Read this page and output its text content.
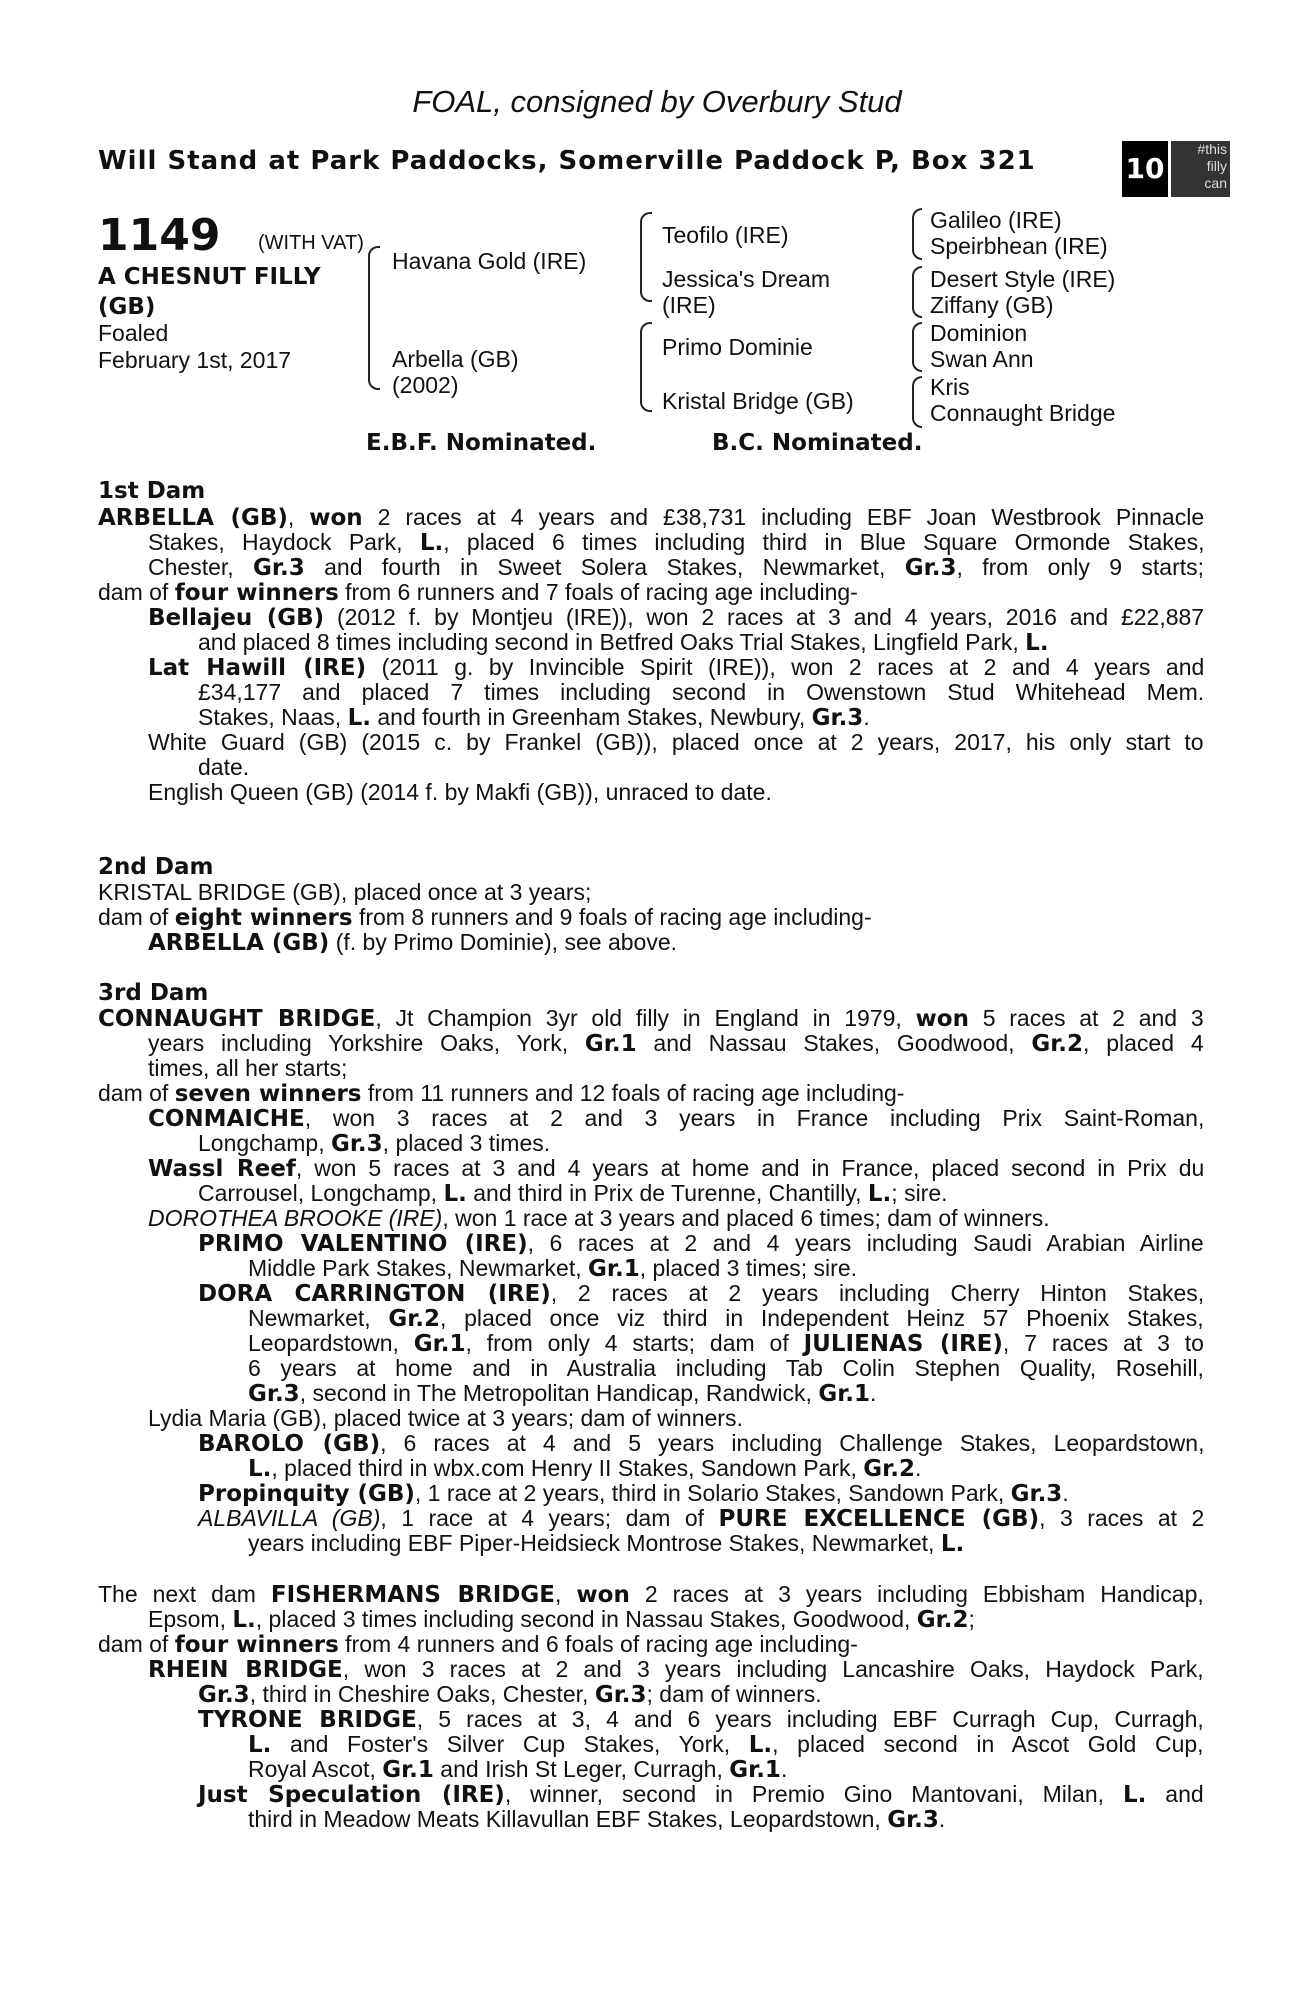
FOAL, consigned by Overbury Stud
Will Stand at Park Paddocks, Somerville Paddock P, Box 321	10
#this
filly
can
1149 (WITH VAT)
A CHESNUT FILLY (GB)
Foaled
February 1st, 2017
Havana Gold (IRE)
Arbella (GB)
(2002)
Teofilo (IRE)
Jessica's Dream
(IRE)
Primo Dominie
Kristal Bridge (GB)
Galileo (IRE)
Speirbhean (IRE)
Desert Style (IRE)
Ziffany (GB)
Dominion
Swan Ann
Kris
Connaught Bridge
E.B.F. Nominated.	B.C. Nominated.
1st Dam
2nd Dam
3rd Dam
ARBELLA (GB), won 2 races at 4 years and £38,731 including EBF Joan Westbrook Pinnacle
Stakes, Haydock Park, L., placed 6 times including third in Blue Square Ormonde Stakes,
Chester, Gr.3 and fourth in Sweet Solera Stakes, Newmarket, Gr.3, from only 9 starts;
dam of four winners from 6 runners and 7 foals of racing age including-
Bellajeu (GB) (2012 f. by Montjeu (IRE)), won 2 races at 3 and 4 years, 2016 and £22,887
and placed 8 times including second in Betfred Oaks Trial Stakes, Lingfield Park, L.
Lat Hawill (IRE) (2011 g. by Invincible Spirit (IRE)), won 2 races at 2 and 4 years and
£34,177 and placed 7 times including second in Owenstown Stud Whitehead Mem.
Stakes, Naas, L. and fourth in Greenham Stakes, Newbury, Gr.3.
White Guard (GB) (2015 c. by Frankel (GB)), placed once at 2 years, 2017, his only start to
date.
English Queen (GB) (2014 f. by Makfi (GB)), unraced to date.
KRISTAL BRIDGE (GB), placed once at 3 years;
dam of eight winners from 8 runners and 9 foals of racing age including-
ARBELLA (GB) (f. by Primo Dominie), see above.
CONNAUGHT BRIDGE, Jt Champion 3yr old filly in England in 1979, won 5 races at 2 and 3
years including Yorkshire Oaks, York, Gr.1 and Nassau Stakes, Goodwood, Gr.2, placed 4
times, all her starts;
dam of seven winners from 11 runners and 12 foals of racing age including-
CONMAICHE, won 3 races at 2 and 3 years in France including Prix Saint-Roman,
Longchamp, Gr.3, placed 3 times.
Wassl Reef, won 5 races at 3 and 4 years at home and in France, placed second in Prix du
Carrousel, Longchamp, L. and third in Prix de Turenne, Chantilly, L.; sire.
DOROTHEA BROOKE (IRE), won 1 race at 3 years and placed 6 times; dam of winners.
PRIMO VALENTINO (IRE), 6 races at 2 and 4 years including Saudi Arabian Airline
Middle Park Stakes, Newmarket, Gr.1, placed 3 times; sire.
DORA CARRINGTON (IRE), 2 races at 2 years including Cherry Hinton Stakes,
Newmarket, Gr.2, placed once viz third in Independent Heinz 57 Phoenix Stakes,
Leopardstown, Gr.1, from only 4 starts; dam of JULIENAS (IRE), 7 races at 3 to
6 years at home and in Australia including Tab Colin Stephen Quality, Rosehill,
Gr.3, second in The Metropolitan Handicap, Randwick, Gr.1.
Lydia Maria (GB), placed twice at 3 years; dam of winners.
BAROLO (GB), 6 races at 4 and 5 years including Challenge Stakes, Leopardstown,
L., placed third in wbx.com Henry II Stakes, Sandown Park, Gr.2.
Propinquity (GB), 1 race at 2 years, third in Solario Stakes, Sandown Park, Gr.3.
ALBAVILLA (GB), 1 race at 4 years; dam of PURE EXCELLENCE (GB), 3 races at 2
years including EBF Piper-Heidsieck Montrose Stakes, Newmarket, L.
The next dam FISHERMANS BRIDGE, won 2 races at 3 years including Ebbisham Handicap,
Epsom, L., placed 3 times including second in Nassau Stakes, Goodwood, Gr.2;
dam of four winners from 4 runners and 6 foals of racing age including-
RHEIN BRIDGE, won 3 races at 2 and 3 years including Lancashire Oaks, Haydock Park,
Gr.3, third in Cheshire Oaks, Chester, Gr.3; dam of winners.
TYRONE BRIDGE, 5 races at 3, 4 and 6 years including EBF Curragh Cup, Curragh,
L. and Foster's Silver Cup Stakes, York, L., placed second in Ascot Gold Cup,
Royal Ascot, Gr.1 and Irish St Leger, Curragh, Gr.1.
Just Speculation (IRE), winner, second in Premio Gino Mantovani, Milan, L. and
third in Meadow Meats Killavullan EBF Stakes, Leopardstown, Gr.3.
